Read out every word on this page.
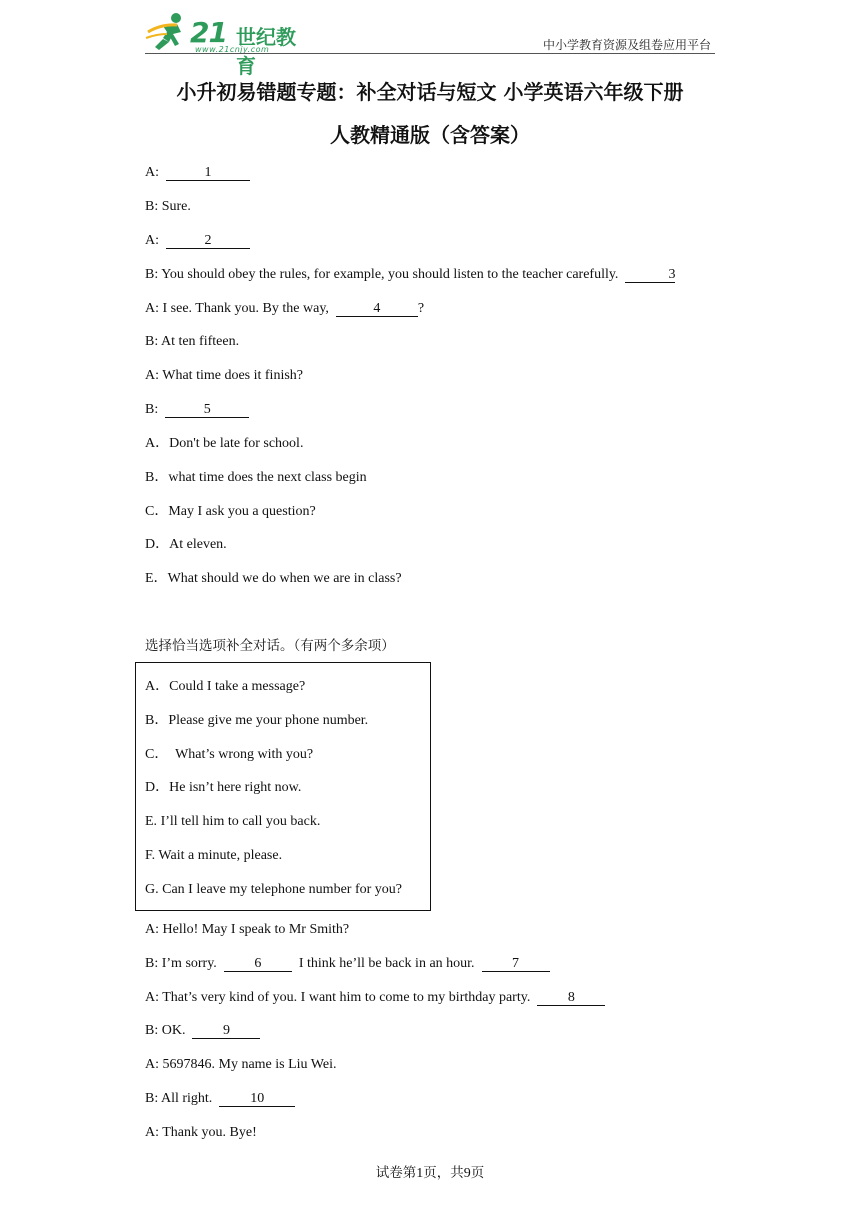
21 世纪教育
www.21cnjy.com	中小学教育资源及组卷应用平台
小升初易错题专题：补全对话与短文 小学英语六年级下册
人教精通版（含答案）
A:	1
B: Sure.
A:	2
B: You should obey the rules, for example, you should listen to the teacher carefully.	3
A: I see. Thank you. By the way,	4	?
B: At ten fifteen.
A: What time does it finish?
B:	5
A．Don't be late for school.
B．what time does the next class begin
C．May I ask you a question?
D．At eleven.
E．What should we do when we are in class?
选择恰当选项补全对话。（有两个多余项）
A．Could I take a message?
B．Please give me your phone number.
C．  What’s wrong with you?
D．He isn’t here right now.
E. I’ll tell him to call you back.
F. Wait a minute, please.
G. Can I leave my telephone number for you?
A: Hello! May I speak to Mr Smith?
B: I’m sorry.  6  I think he’ll be back in an hour.  7
A: That’s very kind of you. I want him to come to my birthday party.  8
B: OK.  9
A: 5697846. My name is Liu Wei.
B: All right.  10
A: Thank you. Bye!
试卷第1页，共9页
